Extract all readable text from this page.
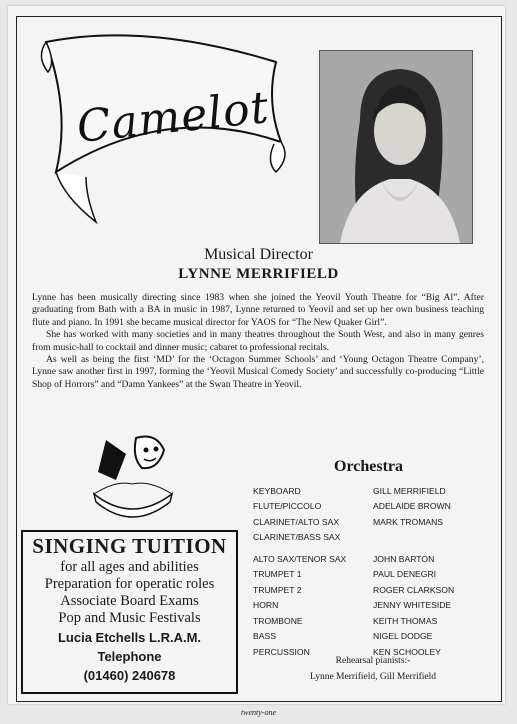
Camelot
Musical Director
LYNNE MERRIFIELD

Lynne has been musically directing since 1983 when she joined the Yeovil Youth Theatre for “Big Al”. After graduating from Bath with a BA in music in 1987, Lynne returned to Yeovil and set up her own business teaching flute and piano. In 1991 she became musical director for YAOS for “The New Quaker Girl”.

She has worked with many societies and in many theatres throughout the South West, and also in many genres from music-hall to cocktail and dinner music; cabaret to professional recitals.

As well as being the first ‘MD’ for the ‘Octagon Summer Schools’ and ‘Young Octagon Theatre Company’, Lynne saw another first in 1997, forming the ‘Yeovil Musical Comedy Society’ and successfully co-producing “Little Shop of Horrors” and “Damn Yankees” at the Swan Theatre in Yeovil.

SINGING TUITION
for all ages and abilities
Preparation for operatic roles
Associate Board Exams
Pop and Music Festivals
Lucia Etchells L.R.A.M.
Telephone
(01460) 240678
Orchestra
KEYBOARD	GILL MERRIFIELD
FLUTE/PICCOLO	ADELAIDE BROWN
CLARINET/ALTO SAX	MARK TROMANS
CLARINET/BASS SAX
ALTO SAX/TENOR SAX	JOHN BARTON
TRUMPET 1	PAUL DENEGRI
TRUMPET 2	ROGER CLARKSON
HORN	JENNY WHITESIDE
TROMBONE	KEITH THOMAS
BASS	NIGEL DODGE
PERCUSSION	KEN SCHOOLEY
Rehearsal pianists:-
Lynne Merrifield, Gill Merrifield
twenty-one
